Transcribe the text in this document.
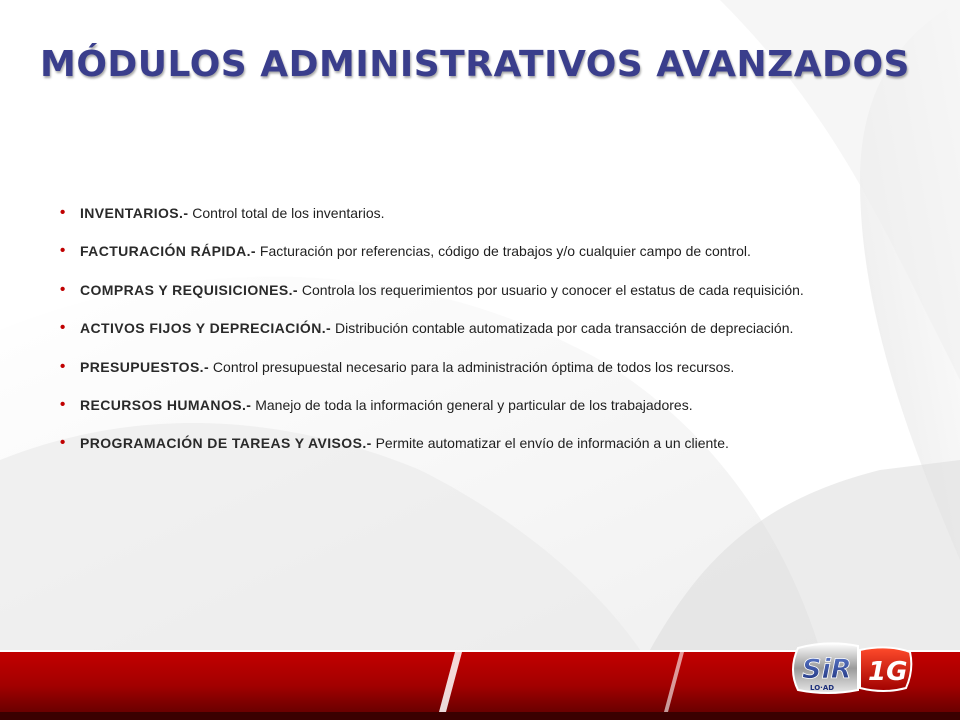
MÓDULOS ADMINISTRATIVOS AVANZADOS
• INVENTARIOS.- Control total de los inventarios.
• FACTURACIÓN RÁPIDA.- Facturación por referencias, código de trabajos y/o cualquier campo de control.
• COMPRAS Y REQUISICIONES.- Controla los requerimientos por usuario y conocer el estatus de cada requisición.
• ACTIVOS FIJOS Y DEPRECIACIÓN.- Distribución contable automatizada por cada transacción de depreciación.
• PRESUPUESTOS.- Control presupuestal necesario para la administración óptima de todos los recursos.
• RECURSOS HUMANOS.- Manejo de toda la información general y particular de los trabajadores.
• PROGRAMACIÓN DE TAREAS Y AVISOS.- Permite automatizar el envío de información a un cliente.
SiR
LO·AD
1G
